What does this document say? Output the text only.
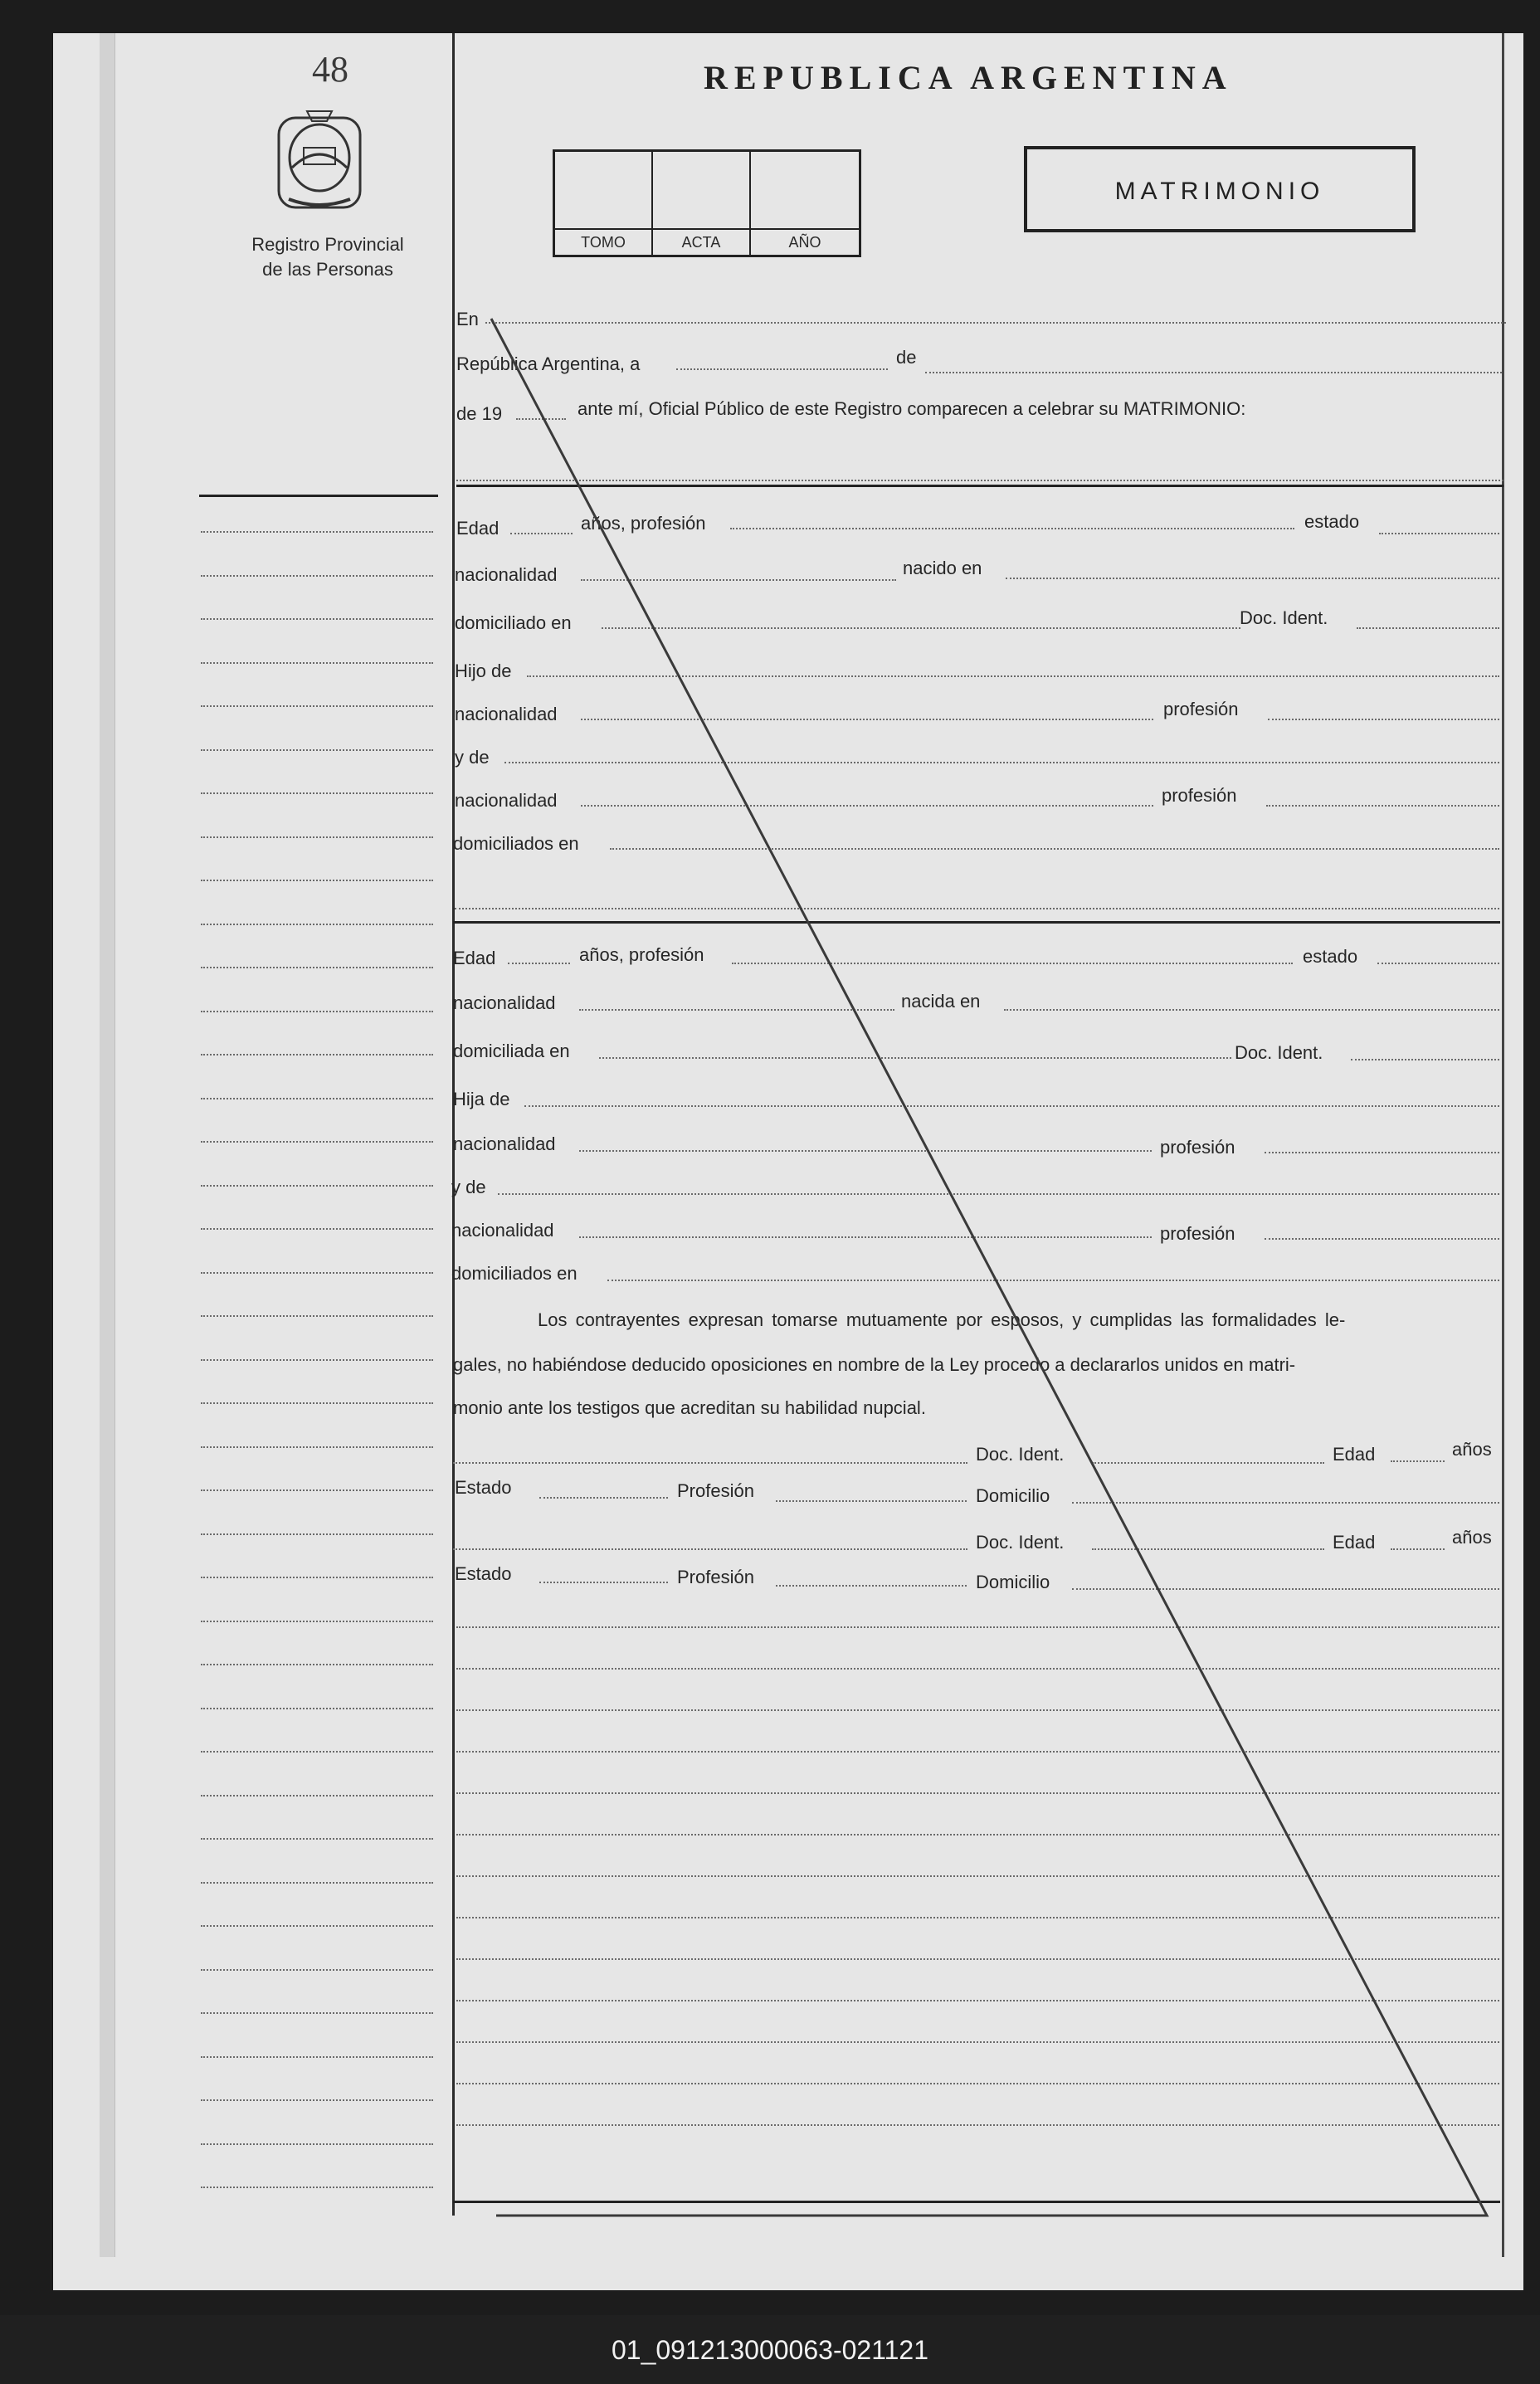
48
Registro Provincial
de las Personas
REPUBLICA ARGENTINA
TOMO	ACTA	AÑO
MATRIMONIO
En
República Argentina, a	de
de 19	ante mí, Oficial Público de este Registro comparecen a celebrar su MATRIMONIO:
Edad	años, profesión	estado
nacionalidad	nacido en
domiciliado en	Doc. Ident.
Hijo de
nacionalidad	profesión
y de
nacionalidad	profesión
domiciliados en
Edad	años, profesión	estado
nacionalidad	nacida en
domiciliada en	Doc. Ident.
Hija de
nacionalidad	profesión
y de
nacionalidad	profesión
domiciliados en
Los contrayentes expresan tomarse mutuamente por esposos, y cumplidas las formalidades le-
gales, no habiéndose deducido oposiciones en nombre de la Ley procedo a declararlos unidos en matri-
monio ante los testigos que acreditan su habilidad nupcial.
Doc. Ident.	Edad	años
Estado	Profesión	Domicilio
Doc. Ident.	Edad	años
Estado	Profesión	Domicilio
01_091213000063-021121
